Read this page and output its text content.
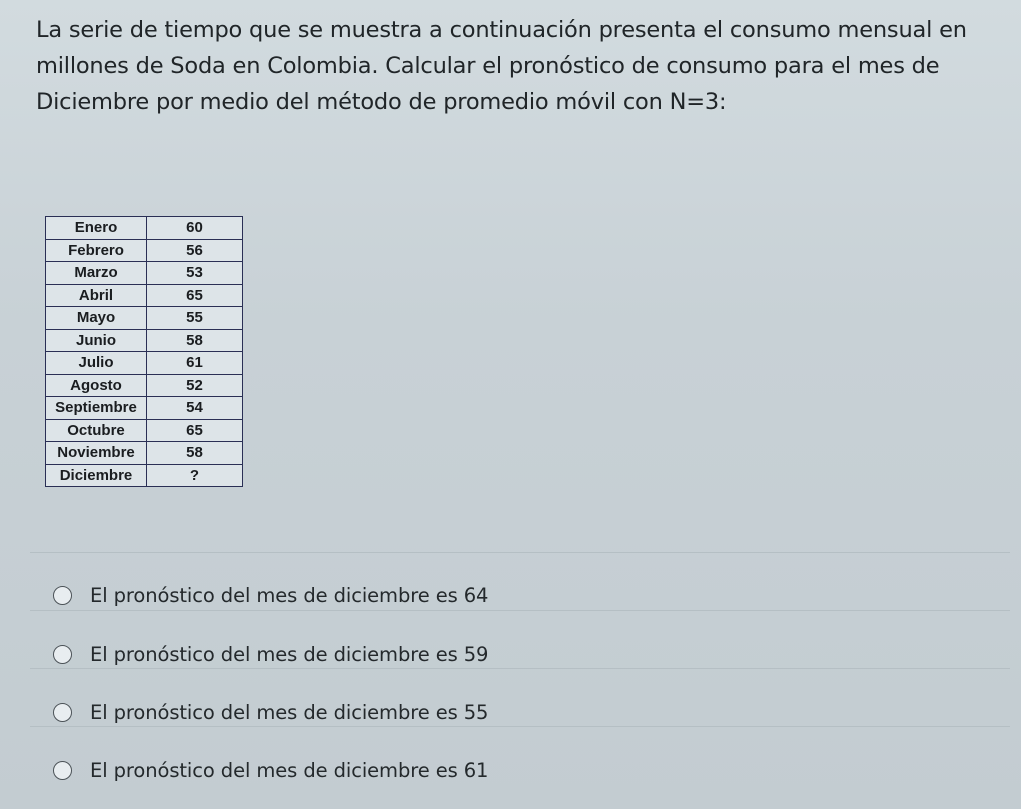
La serie de tiempo que se muestra a continuación presenta el consumo mensual en millones de Soda en Colombia. Calcular el pronóstico de consumo para el mes de Diciembre por medio del método de promedio móvil con N=3:

Enero	60
Febrero	56
Marzo	53
Abril	65
Mayo	55
Junio	58
Julio	61
Agosto	52
Septiembre	54
Octubre	65
Noviembre	58
Diciembre	?
El pronóstico del mes de diciembre es 64
El pronóstico del mes de diciembre es 59
El pronóstico del mes de diciembre es 55
El pronóstico del mes de diciembre es 61
